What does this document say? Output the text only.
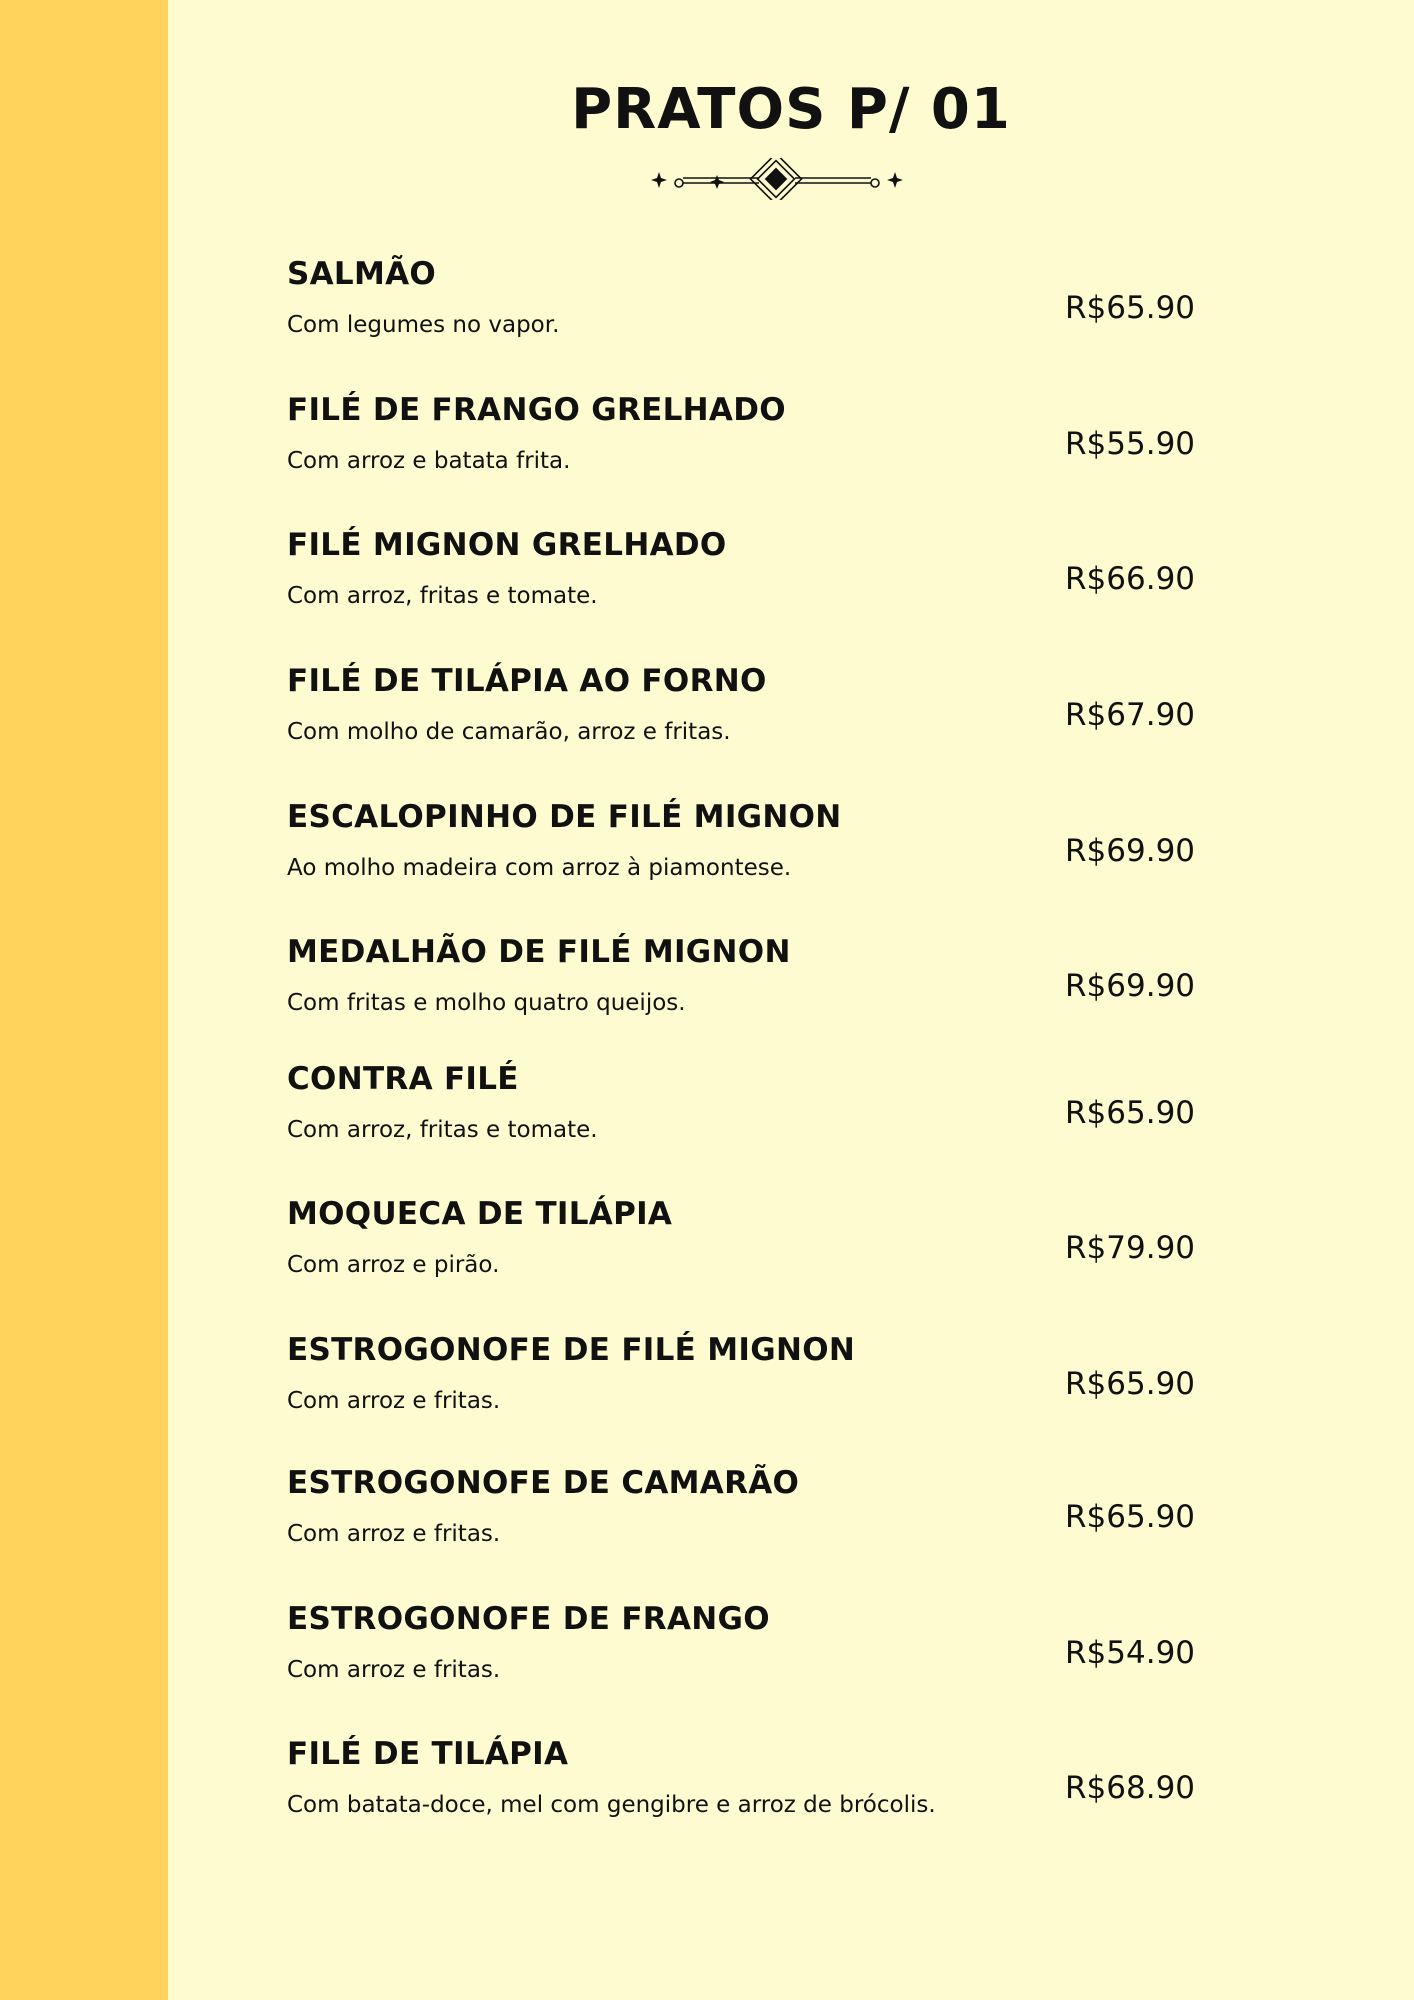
PRATOS P/ 01
SALMÃO
Com legumes no vapor.	R$65.90
FILÉ DE FRANGO GRELHADO
Com arroz e batata frita.	R$55.90
FILÉ MIGNON GRELHADO
Com arroz, fritas e tomate.	R$66.90
FILÉ DE TILÁPIA AO FORNO
Com molho de camarão, arroz e fritas.	R$67.90
ESCALOPINHO DE FILÉ MIGNON
Ao molho madeira com arroz à piamontese.	R$69.90
MEDALHÃO DE FILÉ MIGNON
Com fritas e molho quatro queijos.	R$69.90
CONTRA FILÉ
Com arroz, fritas e tomate.	R$65.90
MOQUECA DE TILÁPIA
Com arroz e pirão.	R$79.90
ESTROGONOFE DE FILÉ MIGNON
Com arroz e fritas.	R$65.90
ESTROGONOFE DE CAMARÃO
Com arroz e fritas.	R$65.90
ESTROGONOFE DE FRANGO
Com arroz e fritas.	R$54.90
FILÉ DE TILÁPIA
Com batata-doce, mel com gengibre e arroz de brócolis.	R$68.90
